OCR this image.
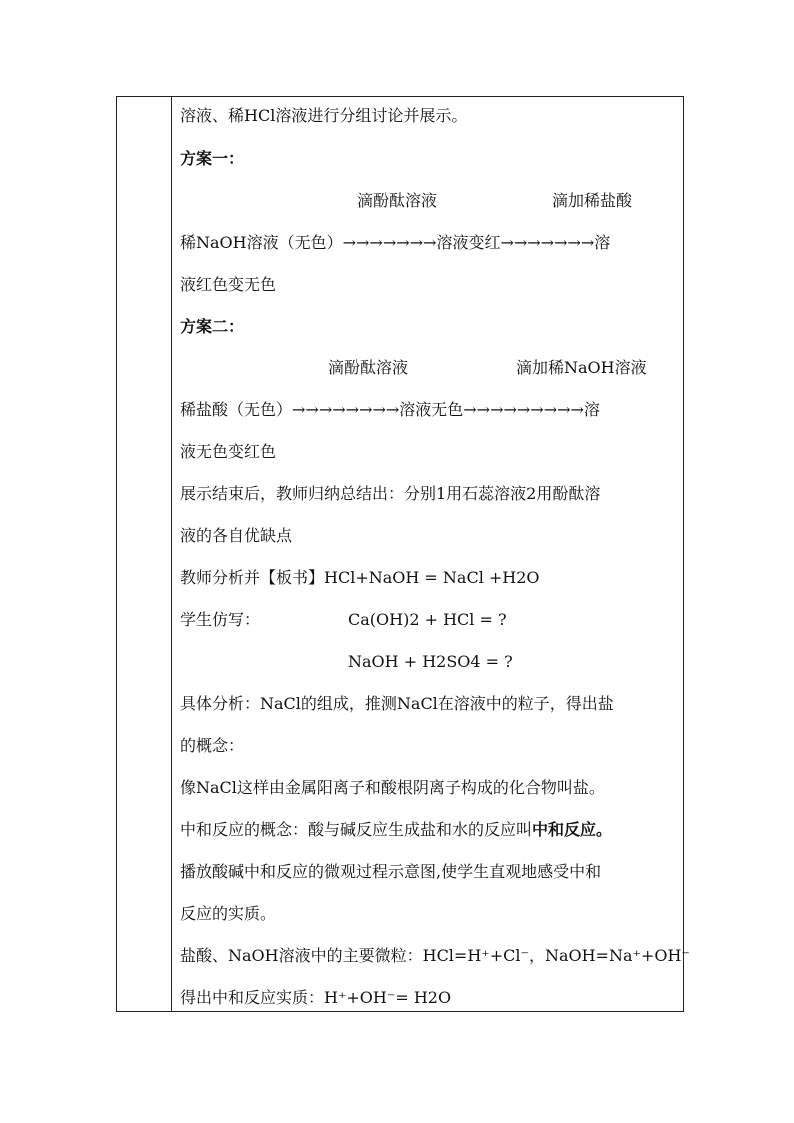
溶液、稀HCl溶液进行分组讨论并展示。
方案一：
滴酚酞溶液	滴加稀盐酸
稀NaOH溶液（无色）→→→→→→→溶液变红→→→→→→→溶
液红色变无色
方案二：
滴酚酞溶液	滴加稀NaOH溶液
稀盐酸（无色）→→→→→→→→溶液无色→→→→→→→→→溶
液无色变红色
展示结束后，教师归纳总结出：分别1用石蕊溶液2用酚酞溶
液的各自优缺点
教师分析并【板书】HCl+NaOH = NaCl +H2O
学生仿写：	Ca(OH)2 + HCl = ?
NaOH + H2SO4 = ?
具体分析：NaCl的组成，推测NaCl在溶液中的粒子，得出盐
的概念：
像NaCl这样由金属阳离子和酸根阴离子构成的化合物叫盐。
中和反应的概念：酸与碱反应生成盐和水的反应叫中和反应。
播放酸碱中和反应的微观过程示意图,使学生直观地感受中和
反应的实质。
盐酸、NaOH溶液中的主要微粒：HCl=H⁺+Cl⁻，NaOH=Na⁺+OH⁻
得出中和反应实质：H⁺+OH⁻= H2O
